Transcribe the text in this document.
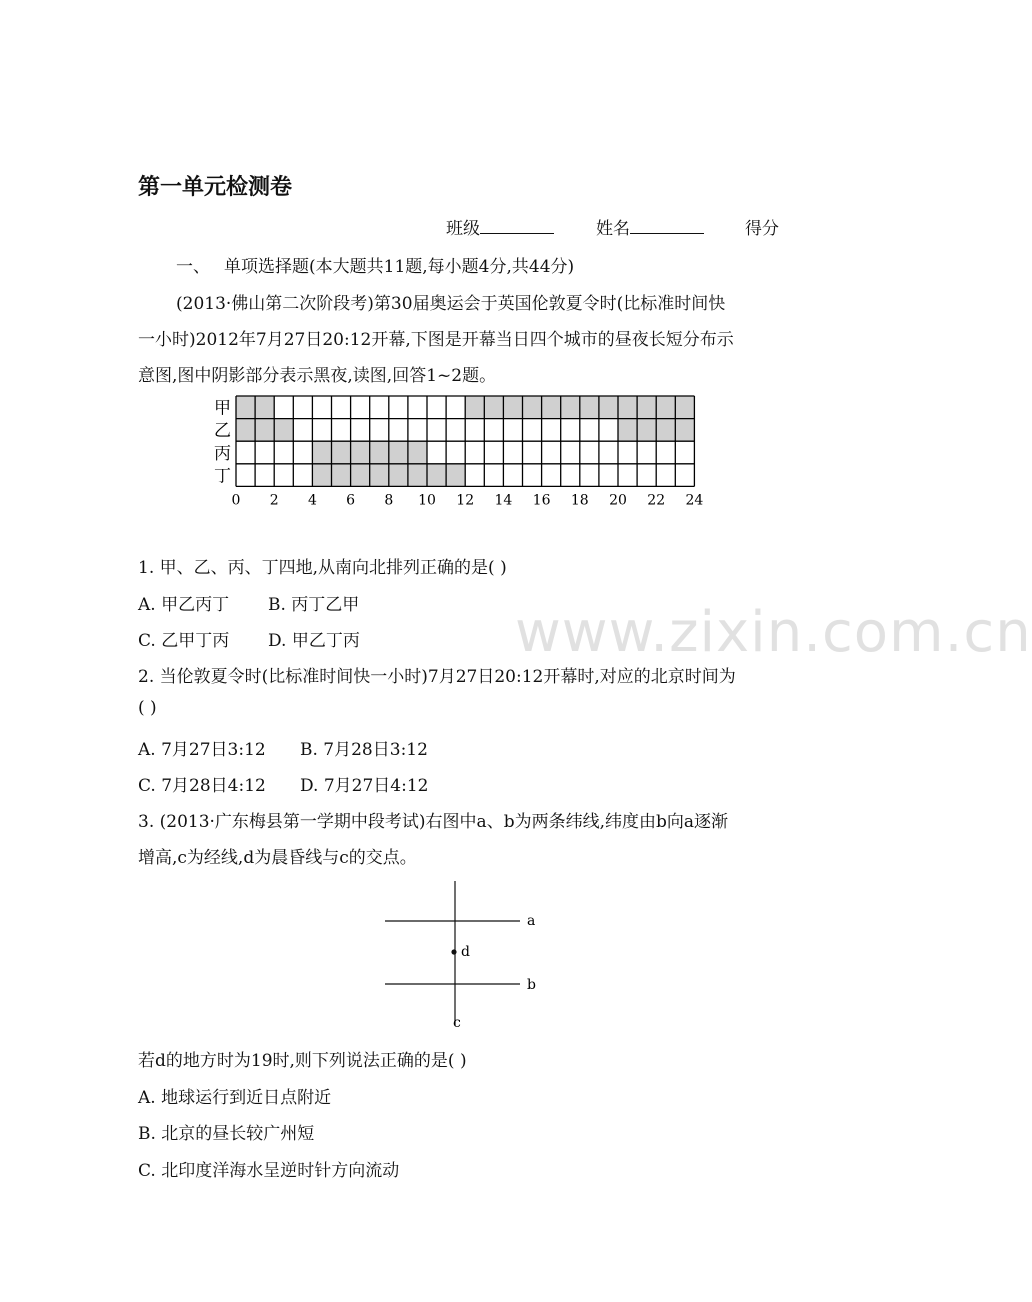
第一单元检测卷
班级	姓名	得分
一、 单项选择题(本大题共11题,每小题4分,共44分)
(2013·佛山第二次阶段考)第30届奥运会于英国伦敦夏令时(比标准时间快
一小时)2012年7月27日20:12开幕,下图是开幕当日四个城市的昼夜长短分布示
意图,图中阴影部分表示黑夜,读图,回答1~2题。
甲
乙
丙
丁
0 2 4 6 8 10 12 14 16 18 20 22 24
1. 甲、乙、丙、丁四地,从南向北排列正确的是( )
A. 甲乙丙丁 B. 丙丁乙甲
C. 乙甲丁丙 D. 甲乙丁丙	www.zixin.com.cn
2. 当伦敦夏令时(比标准时间快一小时)7月27日20:12开幕时,对应的北京时间为
( )
A. 7月27日3:12 B. 7月28日3:12
C. 7月28日4:12 D. 7月27日4:12
3. (2013·广东梅县第一学期中段考试)右图中a、b为两条纬线,纬度由b向a逐渐
增高,c为经线,d为晨昏线与c的交点。
a
b
c
d
若d的地方时为19时,则下列说法正确的是( )
A. 地球运行到近日点附近
B. 北京的昼长较广州短
C. 北印度洋海水呈逆时针方向流动
